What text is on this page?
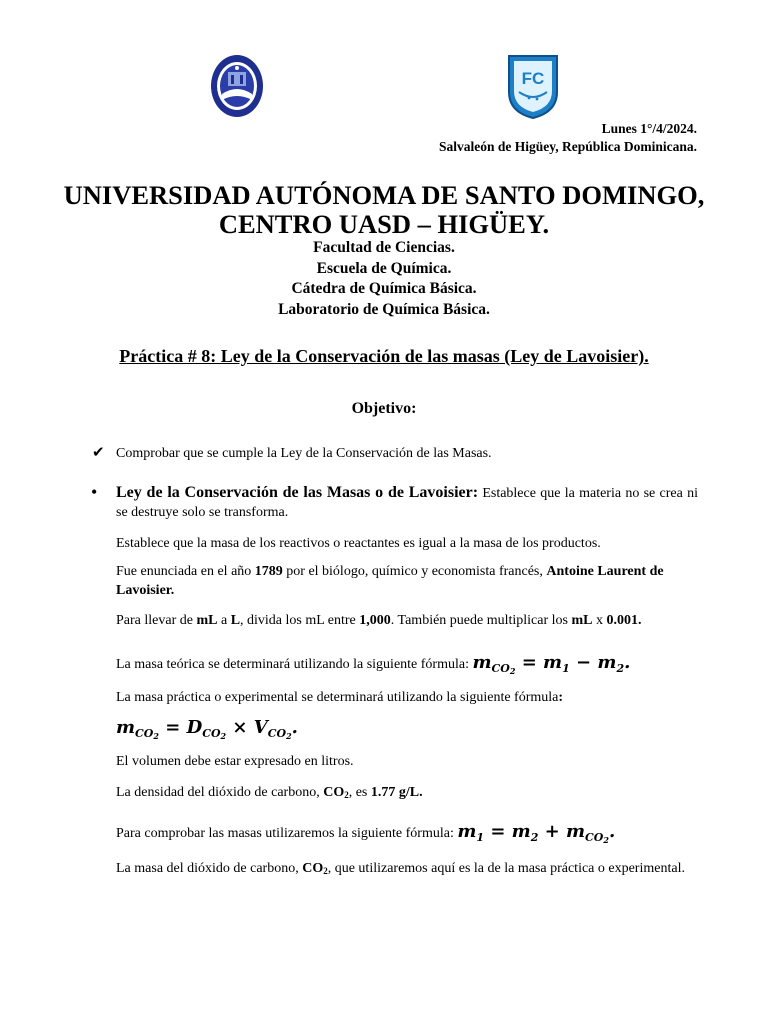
FC
Lunes 1°/4/2024.
Salvaleón de Higüey, República Dominicana.
UNIVERSIDAD AUTÓNOMA DE SANTO DOMINGO,
CENTRO UASD – HIGÜEY.
Facultad de Ciencias.
Escuela de Química.
Cátedra de Química Básica.
Laboratorio de Química Básica.
Práctica # 8: Ley de la Conservación de las masas (Ley de Lavoisier).
Objetivo:
✔ Comprobar que se cumple la Ley de la Conservación de las Masas.
• Ley de la Conservación de las Masas o de Lavoisier: Establece que la materia no se crea ni se destruye solo se transforma.
Establece que la masa de los reactivos o reactantes es igual a la masa de los productos.
Fue enunciada en el año 1789 por el biólogo, químico y economista francés, Antoine Laurent de Lavoisier.
Para llevar de mL a L, divida los mL entre 1,000. También puede multiplicar los mL x 0.001.
La masa teórica se determinará utilizando la siguiente fórmula: $m_{CO_2} = m_1 - m_2$.
La masa práctica o experimental se determinará utilizando la siguiente fórmula:
$m_{CO_2} = D_{CO_2} \times V_{CO_2}$.
El volumen debe estar expresado en litros.
La densidad del dióxido de carbono, $CO_2$, es 1.77 g/L.
Para comprobar las masas utilizaremos la siguiente fórmula: $m_1 = m_2 + m_{CO_2}$.
La masa del dióxido de carbono, $CO_2$, que utilizaremos aquí es la de la masa práctica o experimental.
